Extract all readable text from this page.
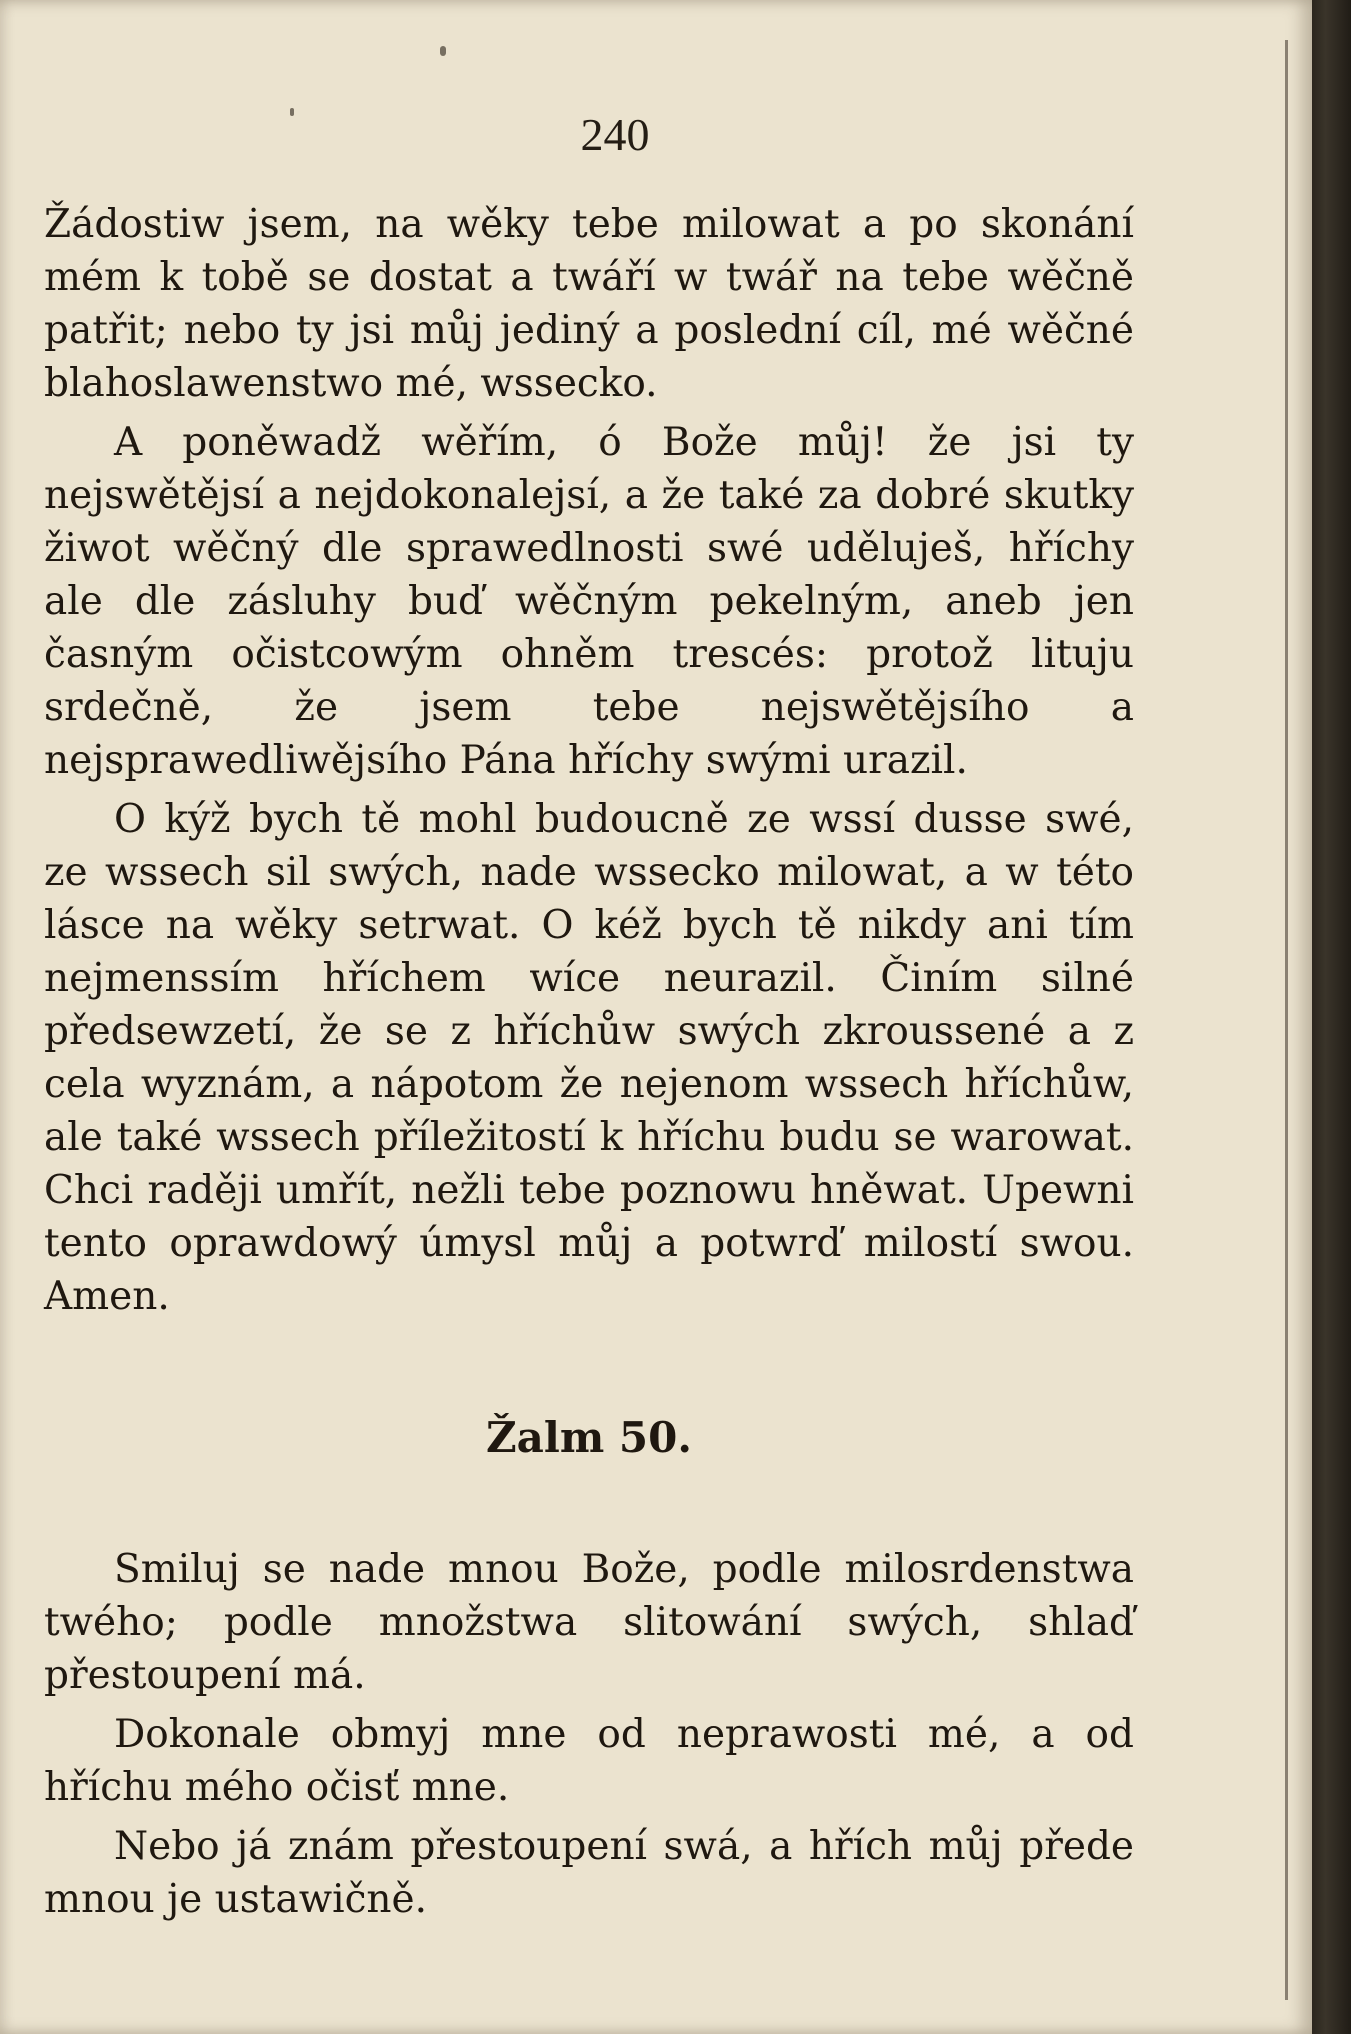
240

Žádostiw jsem, na wěky tebe milowat a po skonání mém k tobě se dostat a twáří w twář na tebe wěčně patřit; nebo ty jsi můj jediný a poslední cíl, mé wěčné blahoslawenstwo mé, wssecko.

A poněwadž wěřím, ó Bože můj! že jsi ty nejswětějsí a nejdokonalejsí, a že také za dobré skutky žiwot wěčný dle sprawedlnosti swé uděluješ, hříchy ale dle zásluhy buď wěčným pekelným, aneb jen časným očistcowým ohněm trescés: protož lituju srdečně, že jsem tebe nejswětějsího a nejsprawedliwějsího Pána hříchy swými urazil.

O kýž bych tě mohl budoucně ze wssí dusse swé, ze wssech sil swých, nade wssecko milowat, a w této lásce na wěky setrwat. O kéž bych tě nikdy ani tím nejmenssím hříchem wíce neurazil. Činím silné předsewzetí, že se z hříchůw swých zkroussené a z cela wyznám, a nápotom že nejenom wssech hříchůw, ale také wssech příležitostí k hříchu budu se warowat. Chci raději umřít, nežli tebe poznowu hněwat. Upewni tento oprawdowý úmysl můj a potwrď milostí swou. Amen.

Žalm 50.

Smiluj se nade mnou Bože, podle milosrdenstwa twého; podle množstwa slitowání swých, shlaď přestoupení má.

Dokonale obmyj mne od neprawosti mé, a od hříchu mého očisť mne.

Nebo já znám přestoupení swá, a hřích můj přede mnou je ustawičně.
